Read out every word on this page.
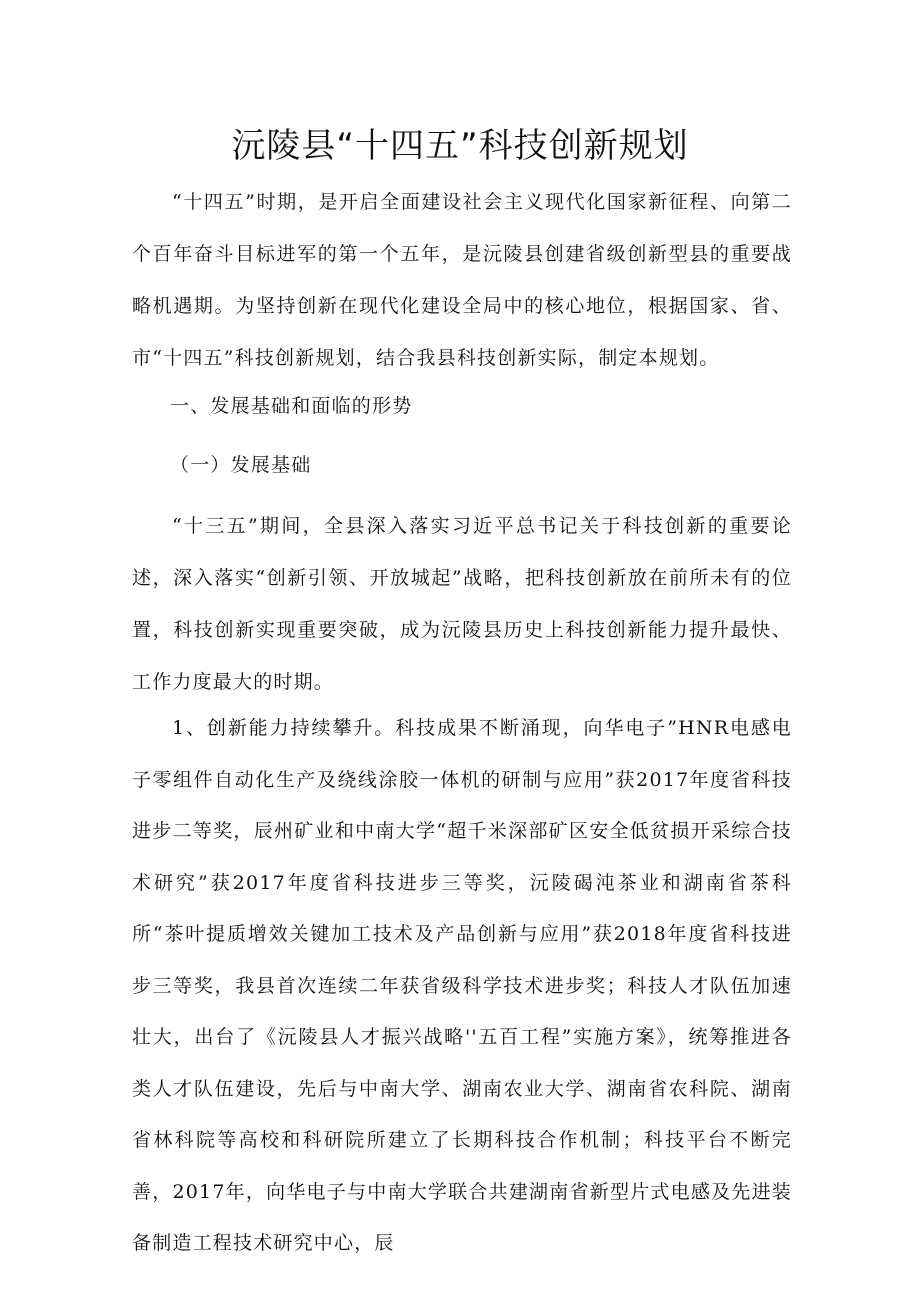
沅陵县“十四五”科技创新规划

“十四五”时期，是开启全面建设社会主义现代化国家新征程、向第二个百年奋斗目标进军的第一个五年，是沅陵县创建省级创新型县的重要战略机遇期。为坚持创新在现代化建设全局中的核心地位，根据国家、省、市“十四五”科技创新规划，结合我县科技创新实际，制定本规划。

一、发展基础和面临的形势
（一）发展基础

“十三五”期间，全县深入落实习近平总书记关于科技创新的重要论述，深入落实“创新引领、开放城起”战略，把科技创新放在前所未有的位置，科技创新实现重要突破，成为沅陵县历史上科技创新能力提升最快、工作力度最大的时期。

1、创新能力持续攀升。科技成果不断涌现，向华电子”HNR电感电子零组件自动化生产及绕线涂胶一体机的研制与应用”获2017年度省科技进步二等奖，辰州矿业和中南大学“超千米深部矿区安全低贫损开采综合技术研究”获2017年度省科技进步三等奖，沅陵碣沌茶业和湖南省茶科所“茶叶提质增效关键加工技术及产品创新与应用”获2018年度省科技进步三等奖，我县首次连续二年获省级科学技术进步奖；科技人才队伍加速壮大，出台了《沅陵县人才振兴战略''五百工程”实施方案》，统筹推进各类人才队伍建设，先后与中南大学、湖南农业大学、湖南省农科院、湖南省林科院等高校和科研院所建立了长期科技合作机制；科技平台不断完善，2017年，向华电子与中南大学联合共建湖南省新型片式电感及先进装备制造工程技术研究中心，辰
